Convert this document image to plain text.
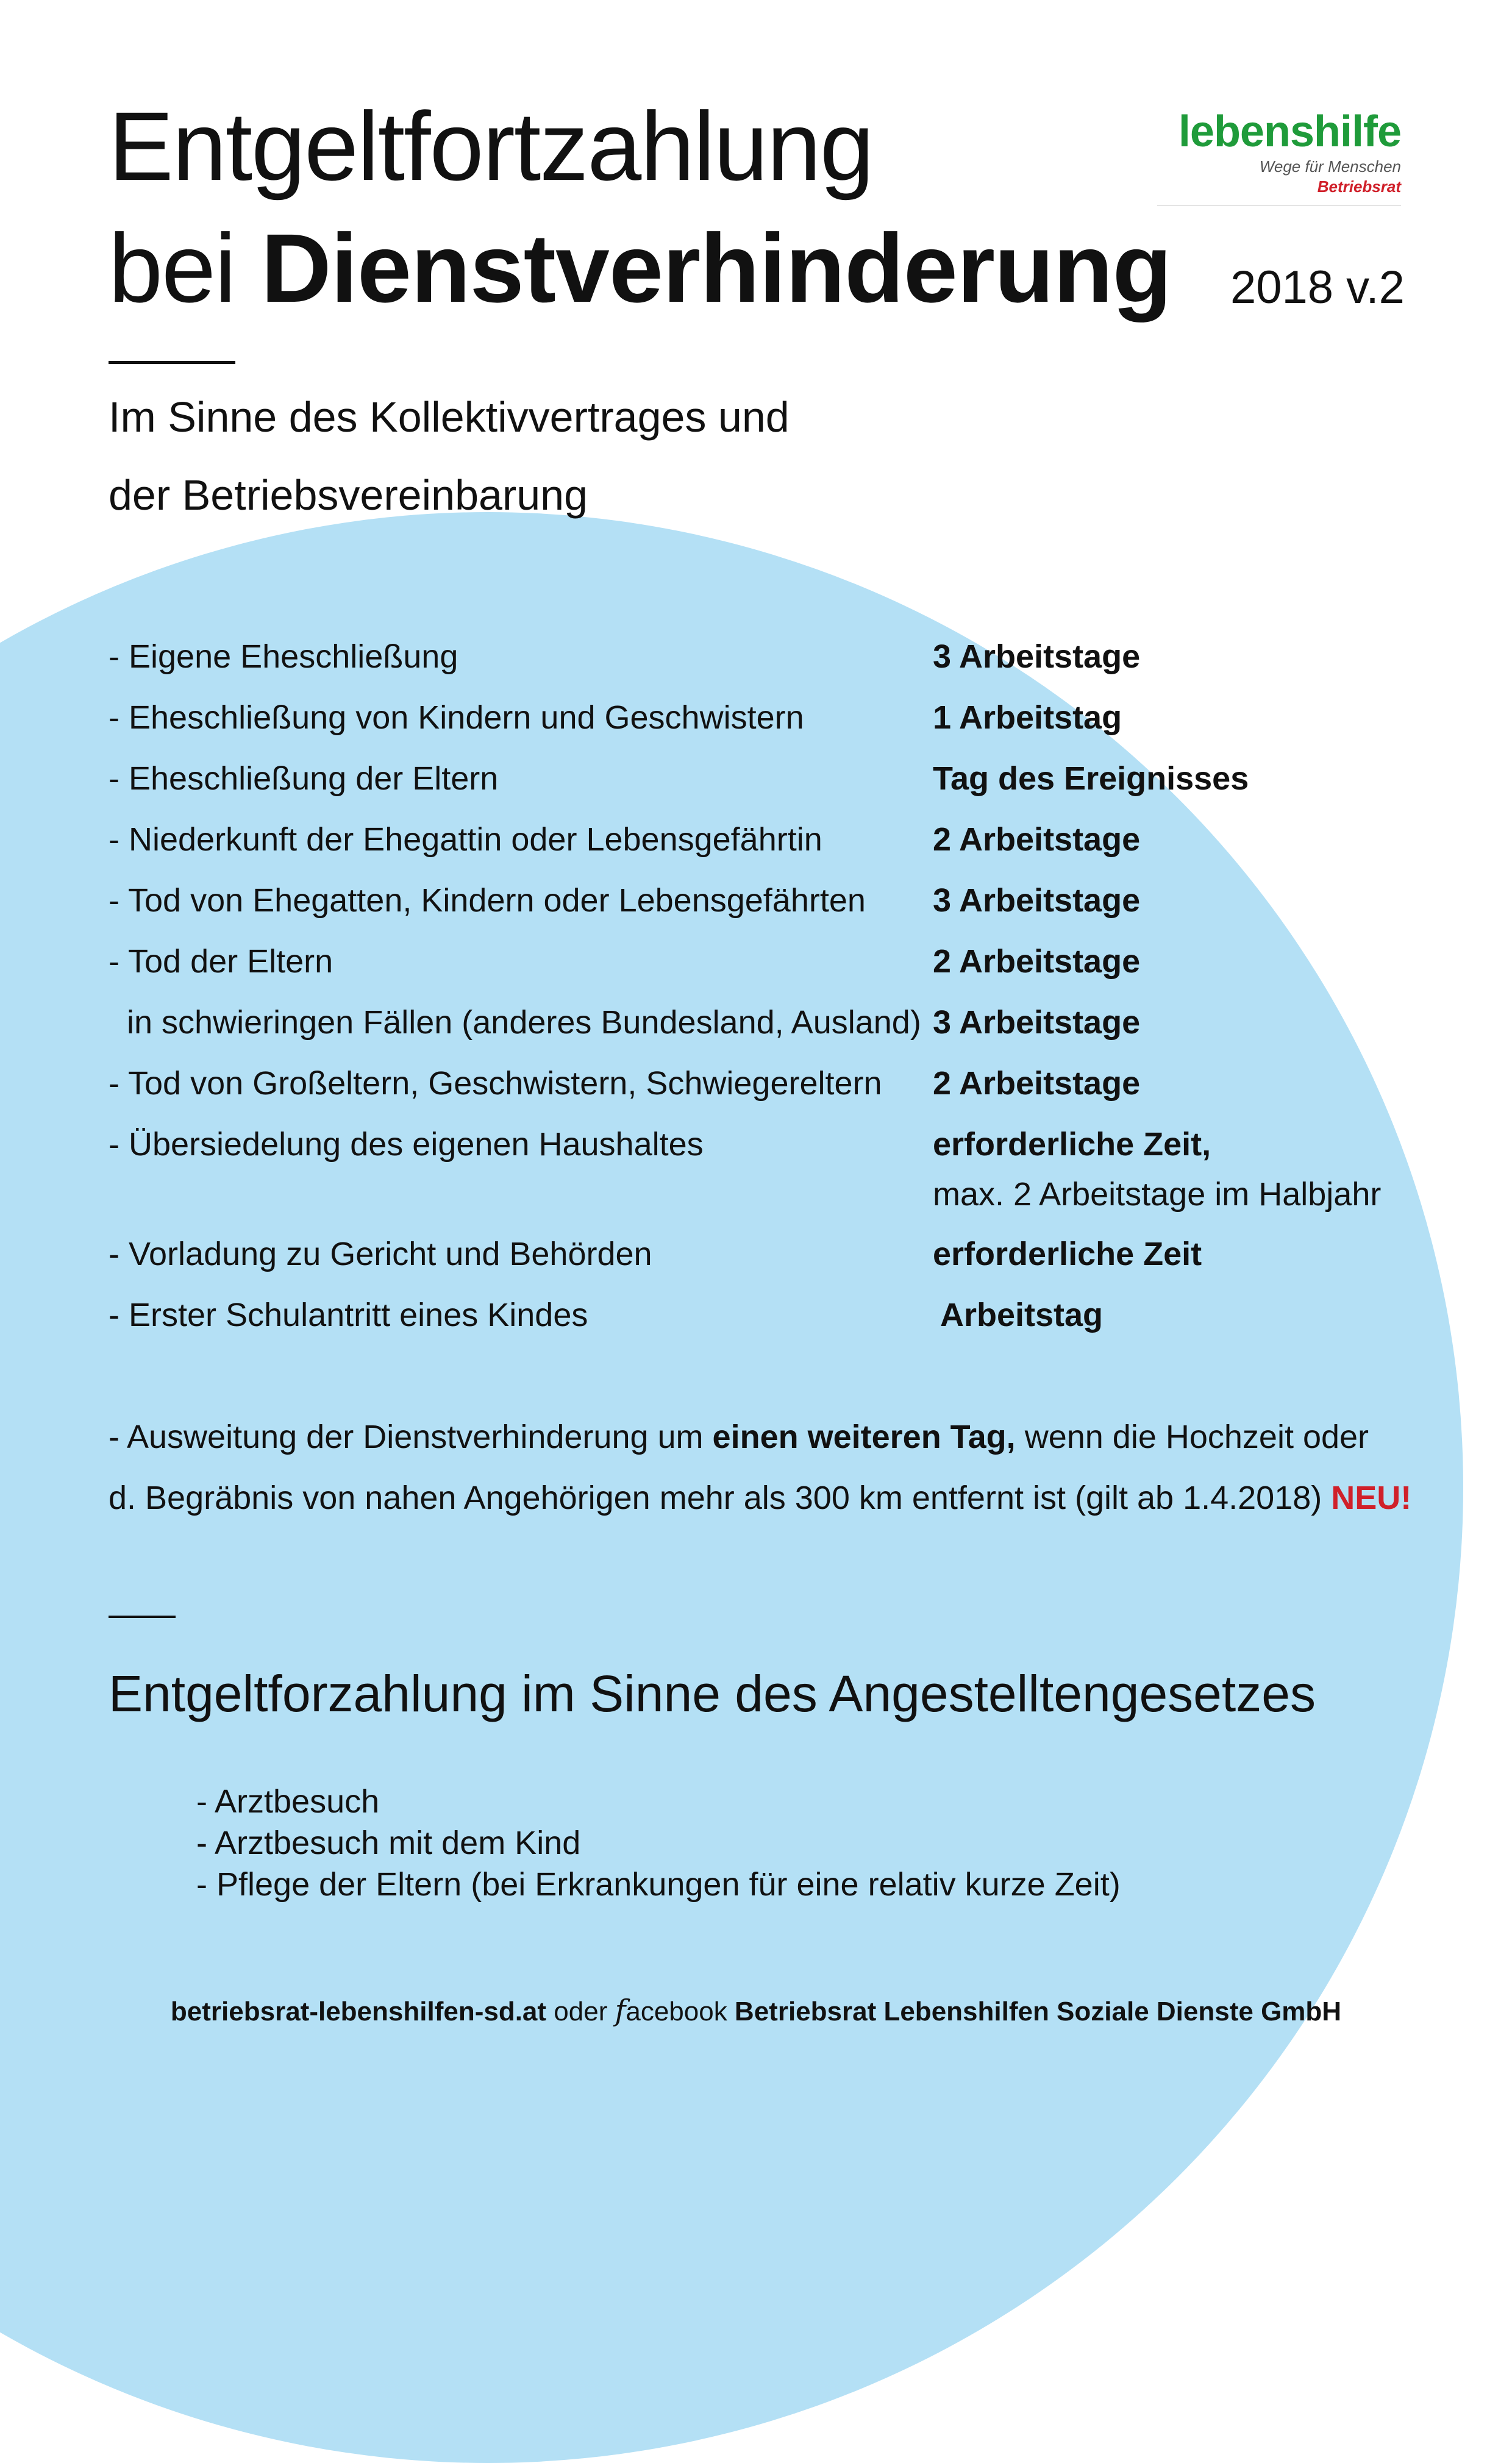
Entgeltfortzahlung
bei Dienstverhinderung 2018 v.2
Im Sinne des Kollektivvertrages und
der Betriebsvereinbarung
lebenshilfe
Wege für Menschen
Betriebsrat
- Eigene Eheschließung	3 Arbeitstage
- Eheschließung von Kindern und Geschwistern	1 Arbeitstag
- Eheschließung der Eltern	Tag des Ereignisses
- Niederkunft der Ehegattin oder Lebensgefährtin	2 Arbeitstage
- Tod von Ehegatten, Kindern oder Lebensgefährten 3 Arbeitstage
- Tod der Eltern	2 Arbeitstage
in schwieringen Fällen (anderes Bundesland, Ausland) 3 Arbeitstage
- Tod von Großeltern, Geschwistern, Schwiegereltern 2 Arbeitstage
- Übersiedelung des eigenen Haushaltes	erforderliche Zeit,
max. 2 Arbeitstage im Halbjahr
- Vorladung zu Gericht und Behörden	erforderliche Zeit
- Erster Schulantritt eines Kindes	Arbeitstag
- Ausweitung der Dienstverhinderung um einen weiteren Tag, wenn die Hochzeit oder
d. Begräbnis von nahen Angehörigen mehr als 300 km entfernt ist (gilt ab 1.4.2018) NEU!
Entgeltforzahlung im Sinne des Angestelltengesetzes
- Arztbesuch
- Arztbesuch mit dem Kind
- Pflege der Eltern (bei Erkrankungen für eine relativ kurze Zeit)
betriebsrat-lebenshilfen-sd.at oder facebook Betriebsrat Lebenshilfen Soziale Dienste GmbH
